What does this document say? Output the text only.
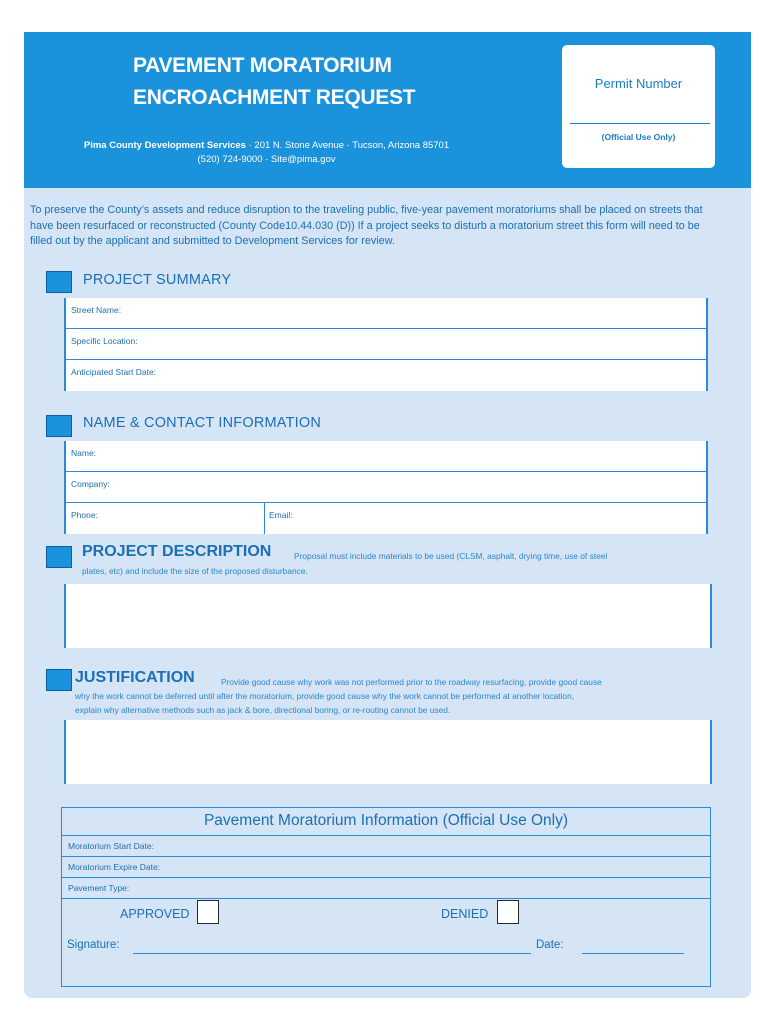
PAVEMENT MORATORIUM
ENCROACHMENT REQUEST
Pima County Development Services · 201 N. Stone Avenue · Tucson, Arizona 85701
(520) 724-9000 · Site@pima.gov
Permit Number
(Official Use Only)
To preserve the County’s assets and reduce disruption to the traveling public, five-year pavement moratoriums shall be placed on streets that have been resurfaced or reconstructed (County Code10.44.030 (D)) If a project seeks to disturb a moratorium street this form will need to be filled out by the applicant and submitted to Development Services for review.
PROJECT SUMMARY
Street Name:
Specific Location:
Anticipated Start Date:
NAME & CONTACT INFORMATION
Name:
Company:
Phone:	Email:
PROJECT DESCRIPTION	Proposal must include materials to be used (CLSM, asphalt, drying time, use of steel
plates, etc) and include the size of the proposed disturbance.
JUSTIFICATION	Provide good cause why work was not performed prior to the roadway resurfacing, provide good cause
why the work cannot be deferred until after the moratorium, provide good cause why the work cannot be performed at another location,
explain why alternative methods such as jack & bore, directional boring, or re-routing cannot be used.
Pavement Moratorium Information (Official Use Only)
Moratorium Start Date:
Moratorium Expire Date:
Pavement Type:
APPROVED	DENIED
Signature:	Date:
